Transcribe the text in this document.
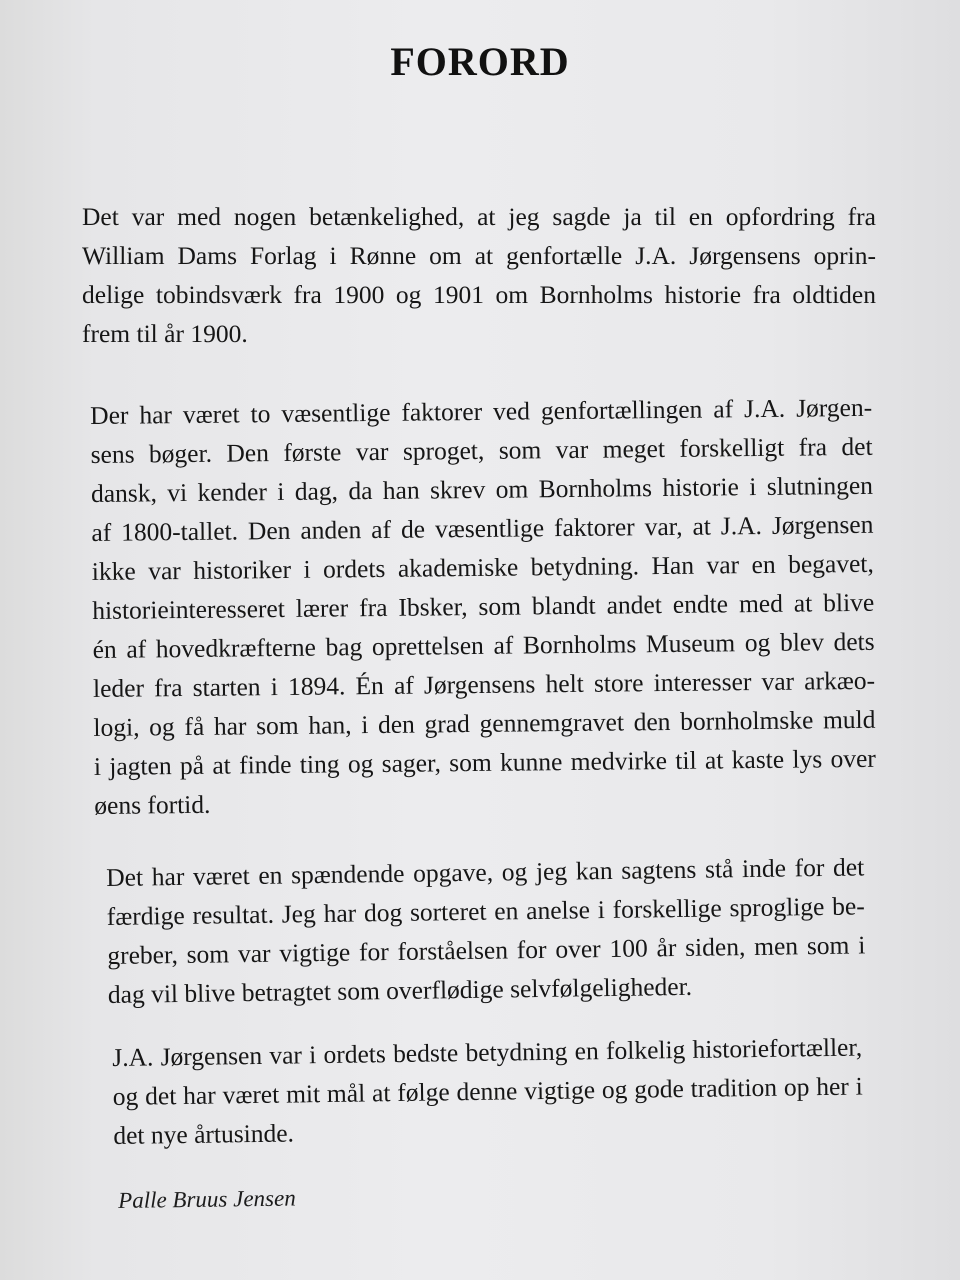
FORORD
Det var med nogen betænkelighed, at jeg sagde ja til en opfordring fra
William Dams Forlag i Rønne om at genfortælle J.A. Jørgensens oprin-
delige tobindsværk fra 1900 og 1901 om Bornholms historie fra oldtiden
frem til år 1900.
Der har været to væsentlige faktorer ved genfortællingen af J.A. Jørgen-
sens bøger. Den første var sproget, som var meget forskelligt fra det
dansk, vi kender i dag, da han skrev om Bornholms historie i slutningen
af 1800-tallet. Den anden af de væsentlige faktorer var, at J.A. Jørgensen
ikke var historiker i ordets akademiske betydning. Han var en begavet,
historieinteresseret lærer fra Ibsker, som blandt andet endte med at blive
én af hovedkræfterne bag oprettelsen af Bornholms Museum og blev dets
leder fra starten i 1894. Én af Jørgensens helt store interesser var arkæo-
logi, og få har som han, i den grad gennemgravet den bornholmske muld
i jagten på at finde ting og sager, som kunne medvirke til at kaste lys over
øens fortid.
Det har været en spændende opgave, og jeg kan sagtens stå inde for det
færdige resultat. Jeg har dog sorteret en anelse i forskellige sproglige be-
greber, som var vigtige for forståelsen for over 100 år siden, men som i
dag vil blive betragtet som overflødige selvfølgeligheder.
J.A. Jørgensen var i ordets bedste betydning en folkelig historiefortæller,
og det har været mit mål at følge denne vigtige og gode tradition op her i
det nye årtusinde.
Palle Bruus Jensen
